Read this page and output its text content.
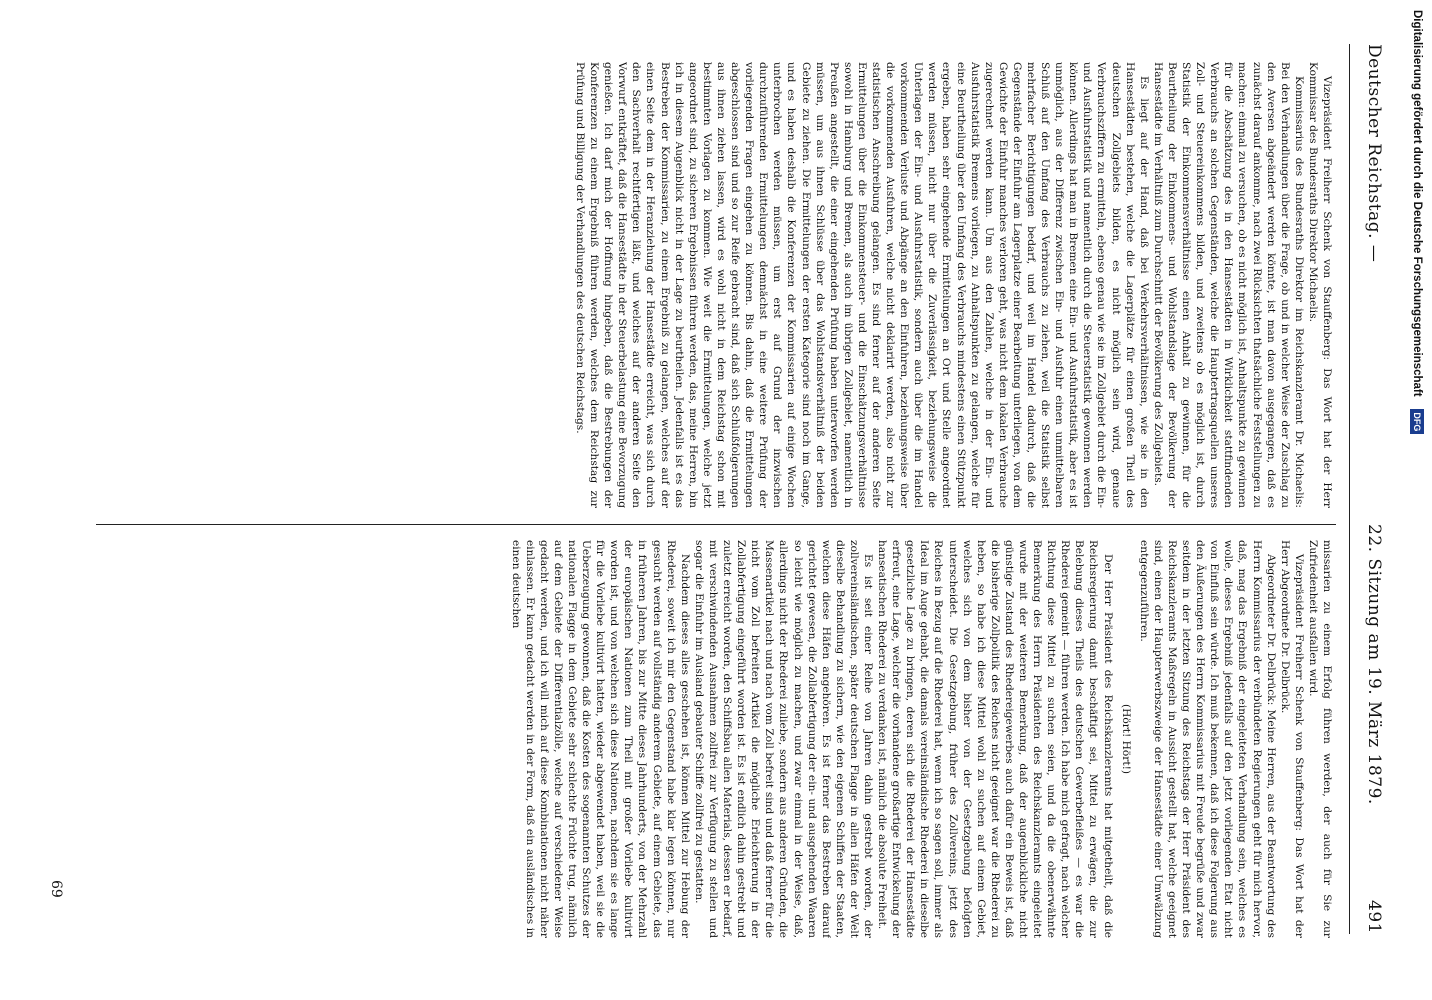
Deutscher Reichstag. —
22. Sitzung am 19. März 1879.
491

Vizepräsident Freiherr Schenk von Stauffenberg: Das Wort hat der Herr Kommissar des Bundesraths Direktor Michaelis.

Kommissarius des Bundesraths Direktor im Reichskanzleramt Dr. Michaelis: Bei den Verhandlungen über die Frage, ob und in welcher Weise der Zuschlag zu den Aversen abgeändert werden könnte, ist man davon ausgegangen, daß es zunächst darauf ankomme, nach zwei Rücksichten thatsächliche Feststellungen zu machen: einmal zu versuchen, ob es nicht möglich ist, Anhaltspunkte zu gewinnen für die Abschätzung des in den Hansestädten in Wirklichkeit stattfindenden Verbrauchs an solchen Gegenständen, welche die Hauptertragsquellen unseres Zoll- und Steuereinkommens bilden, und zweitens ob es möglich ist, durch Statistik der Einkommensverhältnisse einen Anhalt zu gewinnen, für die Beurtheilung der Einkommens- und Wohlstandslage der Bevölkerung der Hansestädte im Verhältniß zum Durchschnitt der Bevölkerung des Zollgebiets.

Es liegt auf der Hand, daß bei Verkehrsverhältnissen, wie sie in den Hansestädten bestehen, welche die Lagerplätze für einen großen Theil des deutschen Zollgebiets bilden, es nicht möglich sein wird, genaue Verbrauchsziffern zu ermitteln, ebenso genau wie sie im Zollgebiet durch die Ein- und Ausfuhrstatistik und namentlich durch die Steuerstatistik gewonnen werden können. Allerdings hat man in Bremen eine Ein- und Ausfuhrstatistik, aber es ist unmöglich, aus der Differenz zwischen Ein- und Ausfuhr einen unmittelbaren Schluß auf den Umfang des Verbrauchs zu ziehen, weil die Statistik selbst mehrfacher Berichtigungen bedarf, und weil im Handel dadurch, daß die Gegenstände der Einfuhr am Lagerplatze einer Bearbeitung unterliegen, von dem Gewichte der Einfuhr manches verloren geht, was nicht dem lokalen Verbrauche zugerechnet werden kann. Um aus den Zahlen, welche in der Ein- und Ausfuhrstatistik Bremens vorliegen, zu Anhaltspunkten zu gelangen, welche für eine Beurtheilung über den Umfang des Verbrauchs mindestens einen Stützpunkt ergeben, haben sehr eingehende Ermittelungen an Ort und Stelle angeordnet werden müssen, nicht nur über die Zuverlässigkeit, beziehungsweise die Unterlagen der Ein- und Ausfuhrstatistik, sondern auch über die im Handel vorkommenden Verluste und Abgänge an den Einfuhren, beziehungsweise über die vorkommenden Ausfuhren, welche nicht deklarirt werden, also nicht zur statistischen Anschreibung gelangen. Es sind ferner auf der anderen Seite Ermittelungen über die Einkommensteuer- und die Einschätzungsverhältnisse sowohl in Hamburg und Bremen, als auch im übrigen Zollgebiet, namentlich in Preußen angestellt, die einer eingehenden Prüfung haben unterworfen werden müssen, um aus ihnen Schlüsse über das Wohlstandsverhältniß der beiden Gebiete zu ziehen. Die Ermittelungen der ersten Kategorie sind noch im Gange, und es haben deshalb die Konferenzen der Kommissarien auf einige Wochen unterbrochen werden müssen, um erst auf Grund der inzwischen durchzuführenden Ermittelungen demnächst in eine weitere Prüfung der vorliegenden Fragen eingehen zu können. Bis dahin, daß die Ermittelungen abgeschlossen sind und so zur Reife gebracht sind, daß sich Schlußfolgerungen aus ihnen ziehen lassen, wird es wohl nicht in dem Reichstag schon mit bestimmten Vorlagen zu kommen. Wie weit die Ermittelungen, welche jetzt angeordnet sind, zu sicheren Ergebnissen führen werden, das, meine Herren, bin ich in diesem Augenblick nicht in der Lage zu beurtheilen. Jedenfalls ist es das Bestreben der Kommissarien, zu einem Ergebniß zu gelangen, welches auf der einen Seite dem in der Heranziehung der Hansestädte erreicht, was sich durch den Sachverhalt rechtfertigen läßt, und welches auf der anderen Seite den Vorwurf entkräftet, daß die Hansestädte in der Steuerbelastung eine Bevorzugung genießen. Ich darf mich der Hoffnung hingeben, daß die Bestrebungen der Konferenzen zu einem Ergebniß führen werden, welches dem Reichstag zur Prüfung und Billigung der Verhandlungen des deutschen Reichstags.

missarien zu einem Erfolg führen werden, der auch für Sie zur Zufriedenheit ausfallen wird.

Vizepräsident Freiherr Schenk von Stauffenberg: Das Wort hat der Herr Abgeordnete Dr. Delbrück.

Abgeordneter Dr. Delbrück: Meine Herren, aus der Beantwortung des Herrn Kommissarius der verbündeten Regierungen geht für mich hervor, daß, mag das Ergebniß der eingeleiteten Verhandlung sein, welches es wolle, dieses Ergebniß jedenfalls auf den jetzt vorliegenden Etat nicht von Einfluß sein würde. Ich muß bekennen, daß ich diese Folgerung aus den Äußerungen des Herrn Kommissarius mit Freude begrüße und zwar seitdem in der letzten Sitzung des Reichstags der Herr Präsident des Reichskanzleramts Maßregeln in Aussicht gestellt hat, welche geeignet sind, einen der Haupterwerbszweige der Hansestädte einer Umwälzung entgegenzuführen.

(Hört! Hört!)

Der Herr Präsident des Reichskanzleramts hat mitgetheilt, daß die Reichsregierung damit beschäftigt sei, Mittel zu erwägen, die zur Belebung dieses Theils des deutschen Gewerbefleißes — es war die Rhederei gemeint — führen werden. Ich habe mich gefragt, nach welcher Richtung diese Mittel zu suchen seien, und da die obenerwähnte Bemerkung des Herrn Präsidenten des Reichskanzleramts eingeleitet wurde mit der weiteren Bemerkung, daß der augenblickliche nicht günstige Zustand des Rhedereigewerbes auch dafür ein Beweis ist, daß die bisherige Zollpolitik des Reiches nicht geeignet war die Rhederei zu heben, so habe ich diese Mittel wohl zu suchen auf einem Gebiet, welches sich von dem bisher von der Gesetzgebung befolgten unterscheidet. Die Gesetzgebung, früher des Zollvereins, jetzt des Reiches in Bezug auf die Rhederei hat, wenn ich so sagen soll, immer als Ideal im Auge gehabt, die damals vereinsländische Rhederei in dieselbe gesetzliche Lage zu bringen, deren sich die Rhederei der Hansestädte erfreut, eine Lage, welcher die vorhandene großartige Entwickelung der hanseatischen Rhederei zu verdanken ist, nämlich die absolute Freiheit.

Es ist seit einer Reihe von Jahren dahin gestrebt worden, der zollvereinsländischen, später deutschen Flagge in allen Häfen der Welt dieselbe Behandlung zu sichern, wie den eigenen Schiffen der Staaten, welchen diese Häfen angehören. Es ist ferner das Bestreben darauf gerichtet gewesen, die Zollabfertigung der ein- und ausgehenden Waaren so leicht wie möglich zu machen, und zwar einmal in der Weise, daß, allerdings nicht der Rhederei zuliebe, sondern aus anderen Gründen, die Massenartikel nach und nach vom Zoll befreit sind und daß ferner für die nicht vom Zoll befreiten Artikel die mögliche Erleichterung in der Zollabfertigung eingeführt worden ist. Es ist endlich dahin gestrebt und zuletzt erreicht worden, den Schiffsbau allen Materials, dessen er bedarf, mit verschwindenden Ausnahmen zollfrei zur Verfügung zu stellen und sogar die Einfuhr im Ausland gebauter Schiffe zollfrei zu gestatten.

Nachdem dieses alles geschehen ist, können Mittel zur Hebung der Rhederei, soweit ich mir den Gegenstand habe klar legen können, nur gesucht werden auf vollständig anderem Gebiete, auf einem Gebiete, das in früheren Jahren, bis zur Mitte dieses Jahrhunderts, von der Mehrzahl der europäischen Nationen zum Theil mit großer Vorliebe kultivirt worden ist, und von welchen sich diese Nationen, nachdem sie es lange für die Vorliebe kultivirt hatten, wieder abgewendet haben, weil sie die Ueberzeugung gewonnen, daß die Kosten des sogenannten Schutzes der nationalen Flagge in dem Gebiete sehr schlechte Früchte trug, nämlich auf dem Gebiete der Differentialzölle, welche auf verschiedener Weise gedacht werden, und ich will mich auf diese Kombinationen nicht näher einlassen. Er kann gedacht werden in der Form, daß ein ausländisches in einen deutschen

69
Digitalisierung gefördert durch die Deutsche Forschungsgemeinschaft    DFG
